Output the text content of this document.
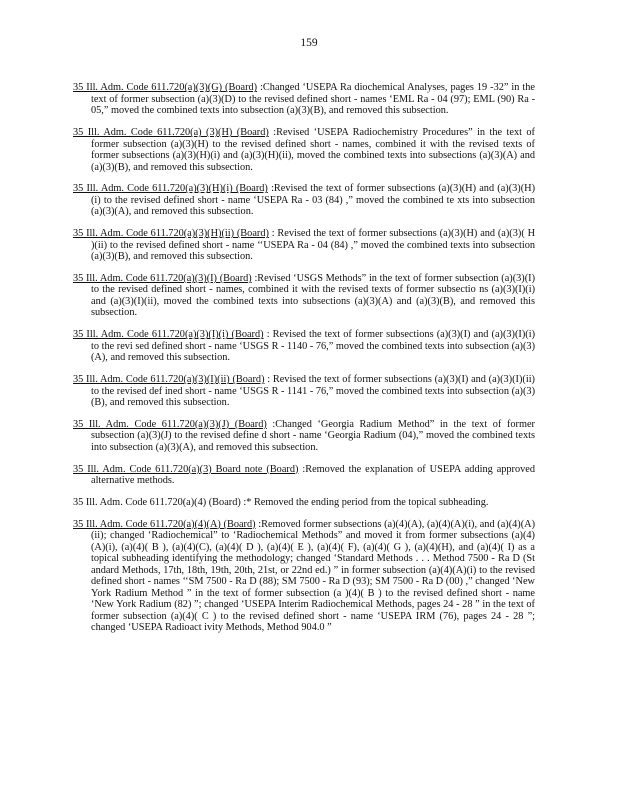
159

35 Ill. Adm. Code 611.720(a)(3)(G) (Board) :Changed ‘USEPA Ra diochemical Analyses, pages 19 -32” in the text of former subsection (a)(3)(D) to the revised defined short - names ‘EML Ra - 04 (97); EML (90) Ra - 05,” moved the combined texts into subsection (a)(3)(B), and removed this subsection.

35 Ill. Adm. Code 611.720(a) (3)(H) (Board) :Revised ‘USEPA Radiochemistry Procedures” in the text of former subsection (a)(3)(H) to the revised defined short - names, combined it with the revised texts of former subsections (a)(3)(H)(i) and (a)(3)(H)(ii), moved the combined texts into subsections (a)(3)(A) and (a)(3)(B), and removed this subsection.

35 Ill. Adm. Code 611.720(a)(3)(H)(i) (Board) :Revised the text of former subsections (a)(3)(H) and (a)(3)(H)(i) to the revised defined short - name ‘USEPA Ra - 03 (84) ,” moved the combined te xts into subsection (a)(3)(A), and removed this subsection.

35 Ill. Adm. Code 611.720(a)(3)(H)(ii) (Board) : Revised the text of former subsections (a)(3)(H) and (a)(3)( H )(ii) to the revised defined short - name ‘‘USEPA Ra - 04 (84) ,” moved the combined texts into subsection (a)(3)(B), and removed this subsection.

35 Ill. Adm. Code 611.720(a)(3)(I) (Board) :Revised ‘USGS Methods” in the text of former subsection (a)(3)(I) to the revised defined short - names, combined it with the revised texts of former subsectio ns (a)(3)(I)(i) and (a)(3)(I)(ii), moved the combined texts into subsections (a)(3)(A) and (a)(3)(B), and removed this subsection.

35 Ill. Adm. Code 611.720(a)(3)(I)(i) (Board) : Revised the text of former subsections (a)(3)(I) and (a)(3)(I)(i) to the revi sed defined short - name ‘USGS R - 1140 - 76,” moved the combined texts into subsection (a)(3)(A), and removed this subsection.

35 Ill. Adm. Code 611.720(a)(3)(I)(ii) (Board) : Revised the text of former subsections (a)(3)(I) and (a)(3)(I)(ii) to the revised def ined short - name ‘USGS R - 1141 - 76,” moved the combined texts into subsection (a)(3)(B), and removed this subsection.

35 Ill. Adm. Code 611.720(a)(3)(J) (Board) :Changed ‘Georgia Radium Method” in the text of former subsection (a)(3)(J) to the revised define d short - name ‘Georgia Radium (04),” moved the combined texts into subsection (a)(3)(A), and removed this subsection.

35 Ill. Adm. Code 611.720(a)(3) Board note (Board) :Removed the explanation of USEPA adding approved alternative methods.

35 Ill. Adm. Code 611.720(a)(4) (Board) :* Removed the ending period from the topical subheading.

35 Ill. Adm. Code 611.720(a)(4)(A) (Board) :Removed former subsections (a)(4)(A), (a)(4)(A)(i), and (a)(4)(A)(ii); changed ‘Radiochemical” to ‘Radiochemical Methods” and moved it from former subsections (a)(4)(A)(i), (a)(4)( B ), (a)(4)(C), (a)(4)( D ), (a)(4)( E ), (a)(4)( F), (a)(4)( G ), (a)(4)(H), and (a)(4)( I) as a topical subheading identifying the methodology; changed ‘Standard Methods . . . Method 7500 - Ra D (St andard Methods, 17th, 18th, 19th, 20th, 21st, or 22nd ed.) ” in former subsection (a)(4)(A)(i) to the revised defined short - names ‘‘SM 7500 - Ra D (88); SM 7500 - Ra D (93); SM 7500 - Ra D (00) ,” changed ‘New York Radium Method ” in the text of former subsection (a )(4)( B ) to the revised defined short - name ‘New York Radium (82) ”; changed ‘USEPA Interim Radiochemical Methods, pages 24 - 28 ” in the text of former subsection (a)(4)( C ) to the revised defined short - name ‘USEPA IRM (76), pages 24 - 28 ”; changed ‘USEPA Radioact ivity Methods, Method 904.0 ”
